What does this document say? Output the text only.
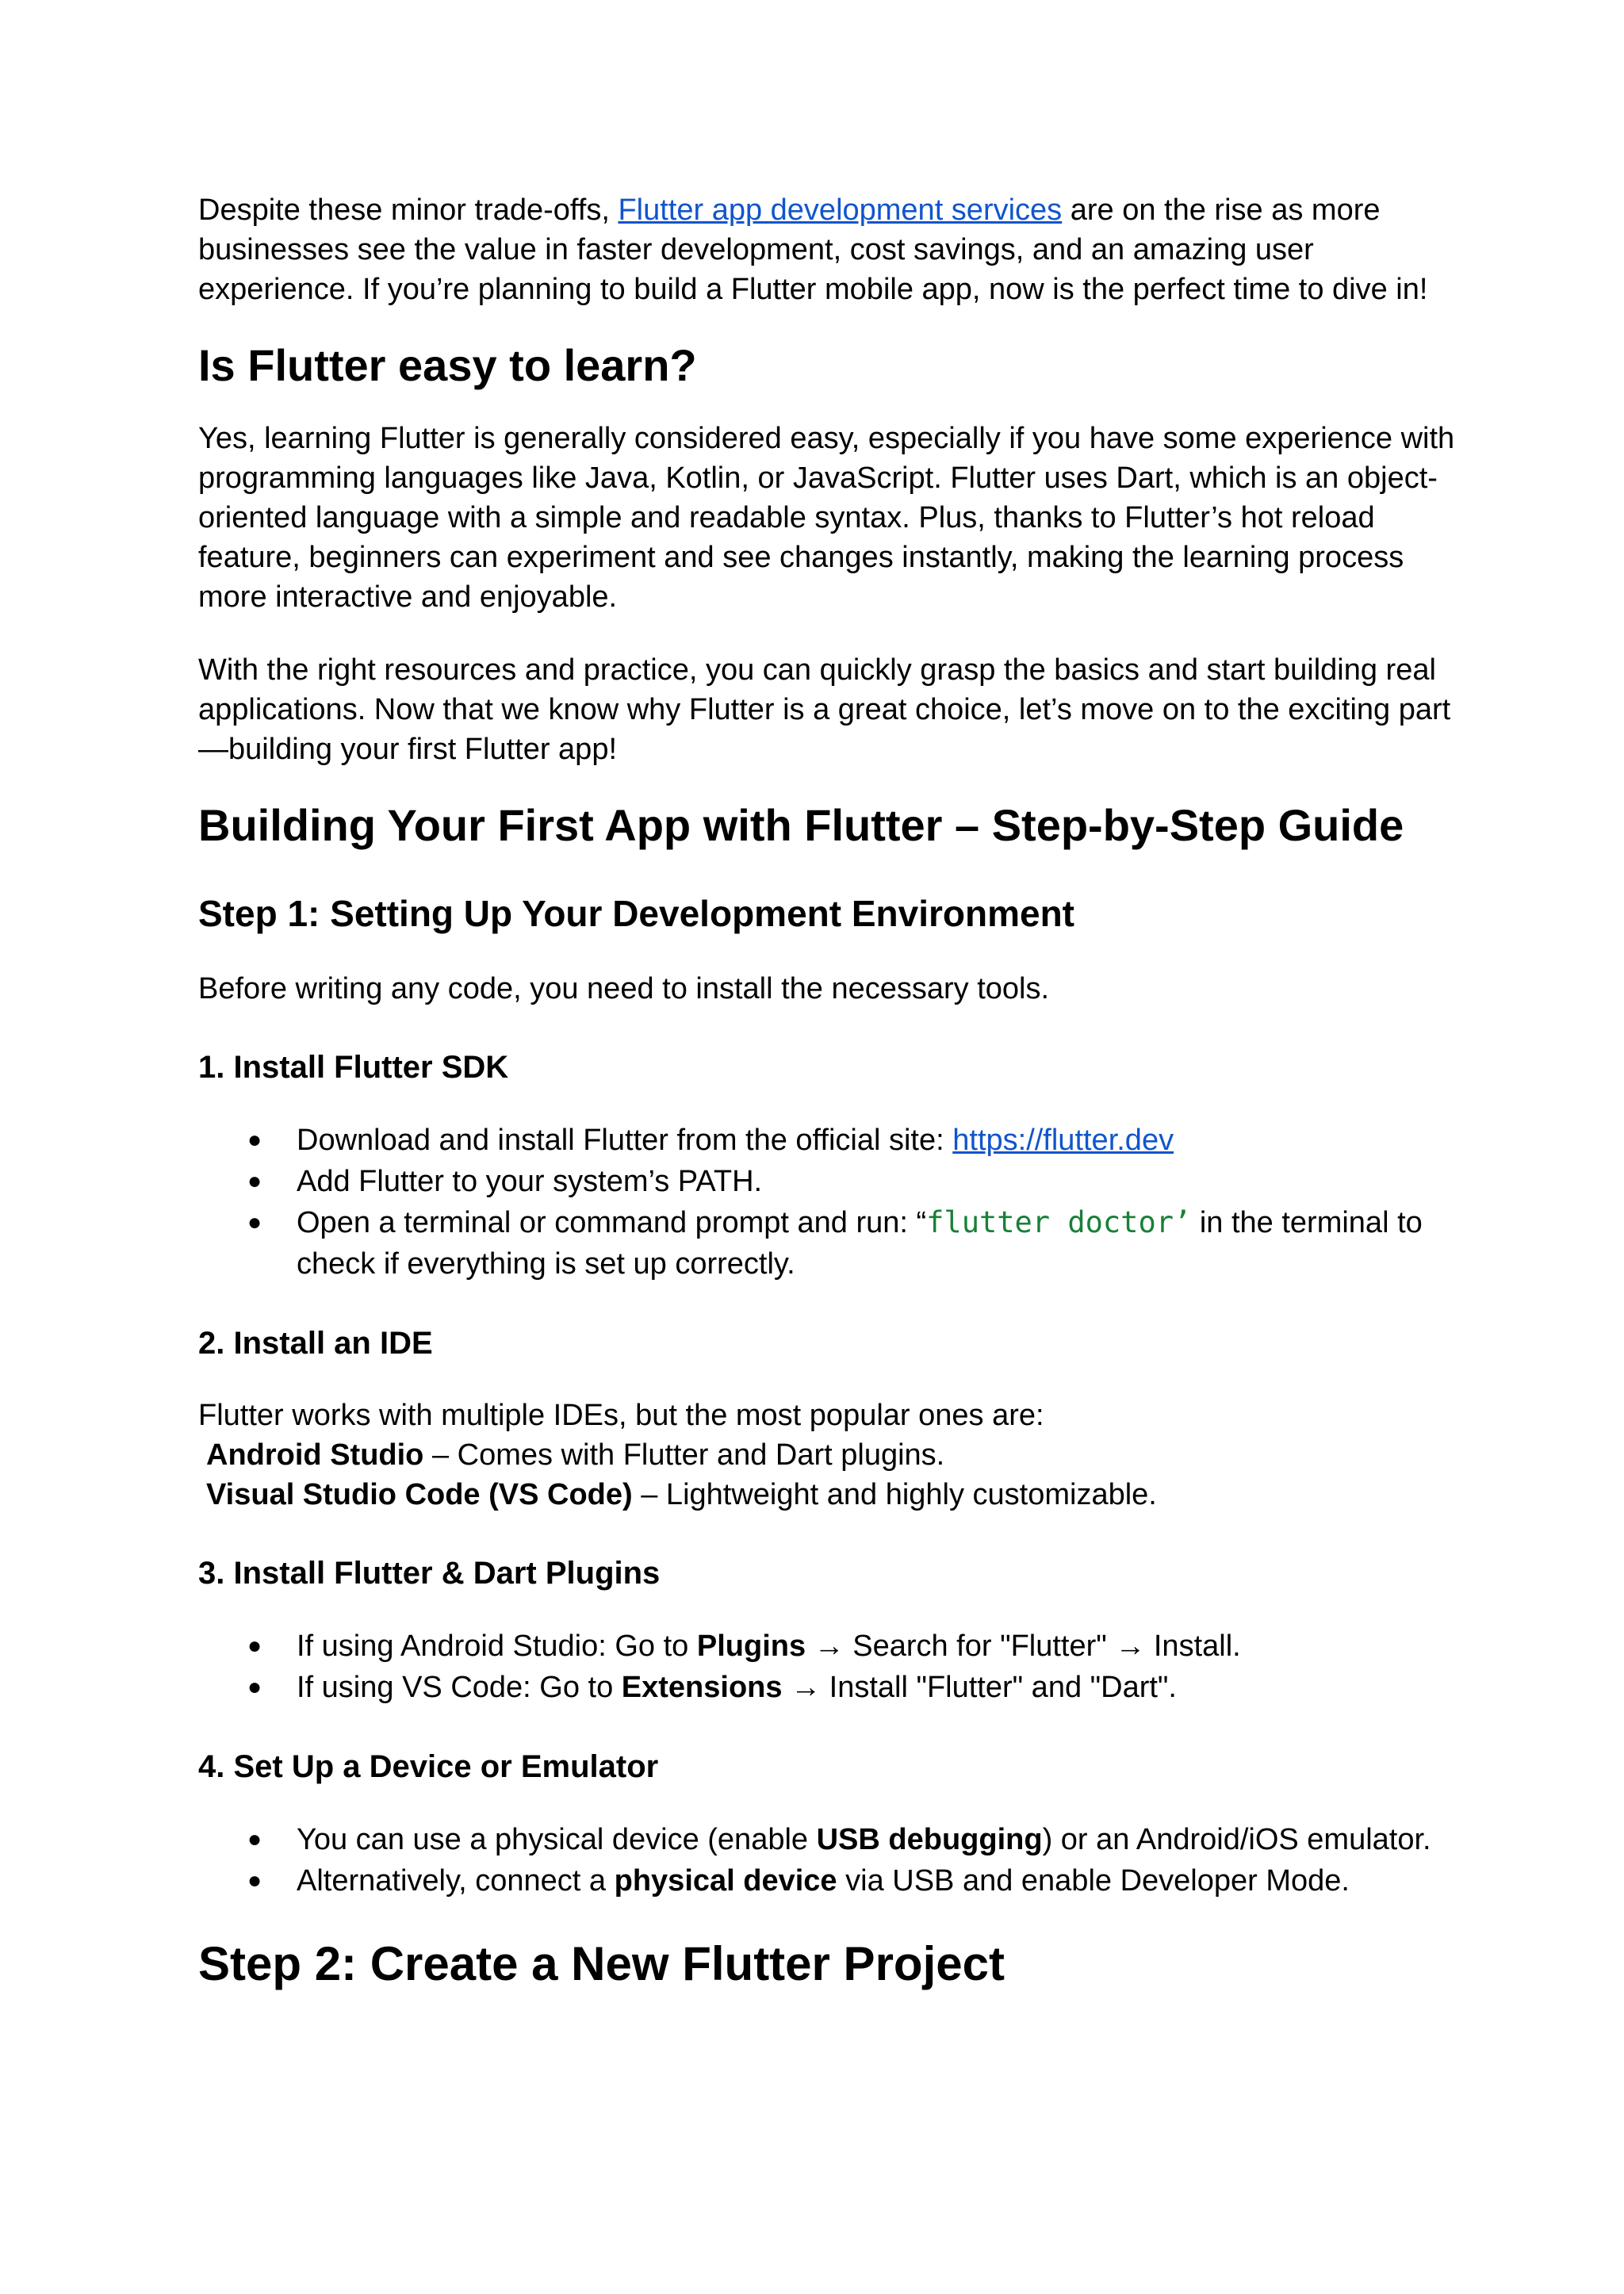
Despite these minor trade-offs, Flutter app development services are on the rise as more businesses see the value in faster development, cost savings, and an amazing user experience. If you’re planning to build a Flutter mobile app, now is the perfect time to dive in!

Is Flutter easy to learn?

Yes, learning Flutter is generally considered easy, especially if you have some experience with programming languages like Java, Kotlin, or JavaScript. Flutter uses Dart, which is an object-oriented language with a simple and readable syntax. Plus, thanks to Flutter’s hot reload feature, beginners can experiment and see changes instantly, making the learning process more interactive and enjoyable.

With the right resources and practice, you can quickly grasp the basics and start building real applications. Now that we know why Flutter is a great choice, let’s move on to the exciting part—building your first Flutter app!

Building Your First App with Flutter – Step-by-Step Guide
Step 1: Setting Up Your Development Environment

Before writing any code, you need to install the necessary tools.

1. Install Flutter SDK
● Download and install Flutter from the official site: https://flutter.dev
● Add Flutter to your system’s PATH.
● Open a terminal or command prompt and run: “flutter doctor’ in the terminal to check if everything is set up correctly.
2. Install an IDE

Flutter works with multiple IDEs, but the most popular ones are:

Android Studio – Comes with Flutter and Dart plugins.
Visual Studio Code (VS Code) – Lightweight and highly customizable.
3. Install Flutter & Dart Plugins
● If using Android Studio: Go to Plugins → Search for "Flutter" → Install.
● If using VS Code: Go to Extensions → Install "Flutter" and "Dart".
4. Set Up a Device or Emulator
● You can use a physical device (enable USB debugging) or an Android/iOS emulator.
● Alternatively, connect a physical device via USB and enable Developer Mode.
Step 2: Create a New Flutter Project
